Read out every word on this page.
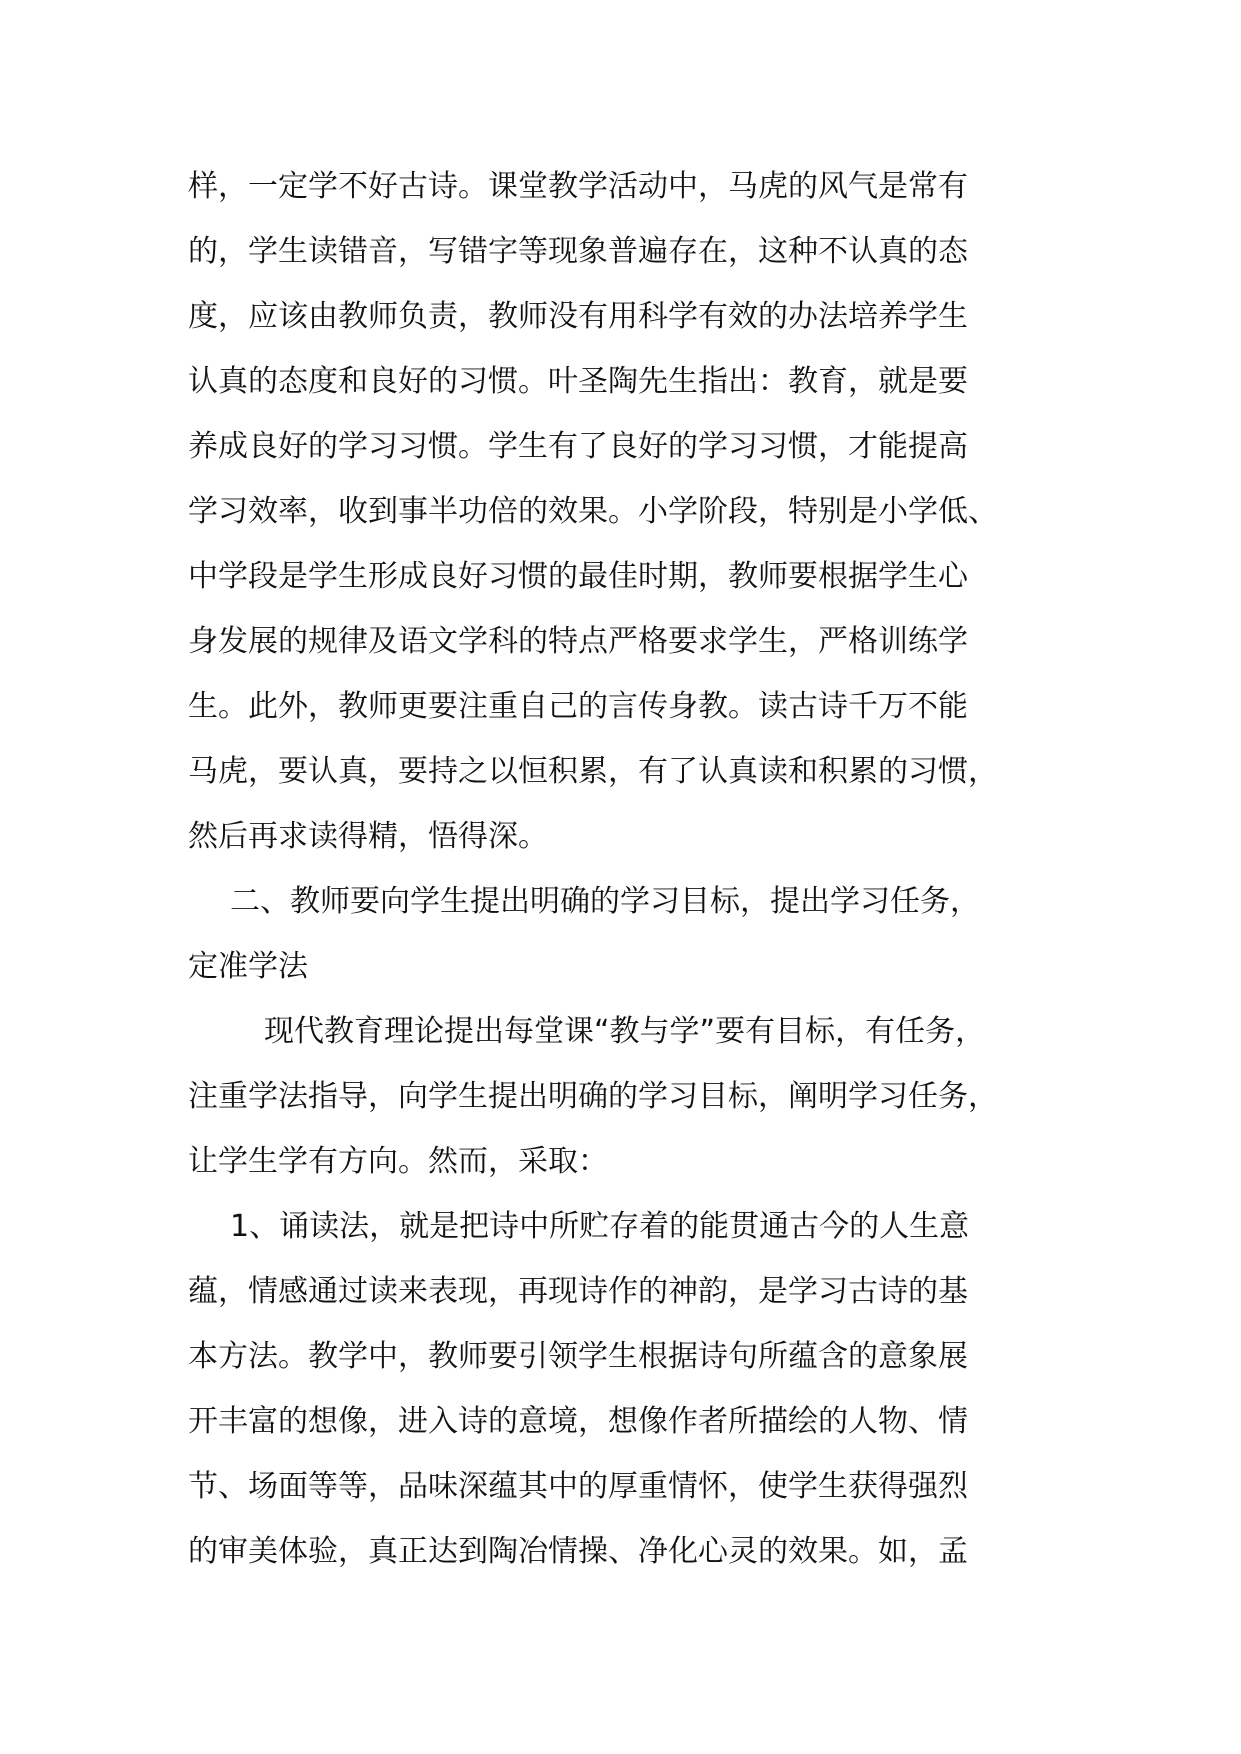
样，一定学不好古诗。课堂教学活动中，马虎的风气是常有
的，学生读错音，写错字等现象普遍存在，这种不认真的态
度，应该由教师负责，教师没有用科学有效的办法培养学生
认真的态度和良好的习惯。叶圣陶先生指出：教育，就是要
养成良好的学习习惯。学生有了良好的学习习惯，才能提高
学习效率，收到事半功倍的效果。小学阶段，特别是小学低、
中学段是学生形成良好习惯的最佳时期，教师要根据学生心
身发展的规律及语文学科的特点严格要求学生，严格训练学
生。此外，教师更要注重自己的言传身教。读古诗千万不能
马虎，要认真，要持之以恒积累，有了认真读和积累的习惯，
然后再求读得精，悟得深。
二、教师要向学生提出明确的学习目标，提出学习任务，
定准学法
现代教育理论提出每堂课“教与学”要有目标，有任务，
注重学法指导，向学生提出明确的学习目标，阐明学习任务，
让学生学有方向。然而，采取：
1、诵读法，就是把诗中所贮存着的能贯通古今的人生意
蕴，情感通过读来表现，再现诗作的神韵，是学习古诗的基
本方法。教学中，教师要引领学生根据诗句所蕴含的意象展
开丰富的想像，进入诗的意境，想像作者所描绘的人物、情
节、场面等等，品味深蕴其中的厚重情怀，使学生获得强烈
的审美体验，真正达到陶冶情操、净化心灵的效果。如，孟
